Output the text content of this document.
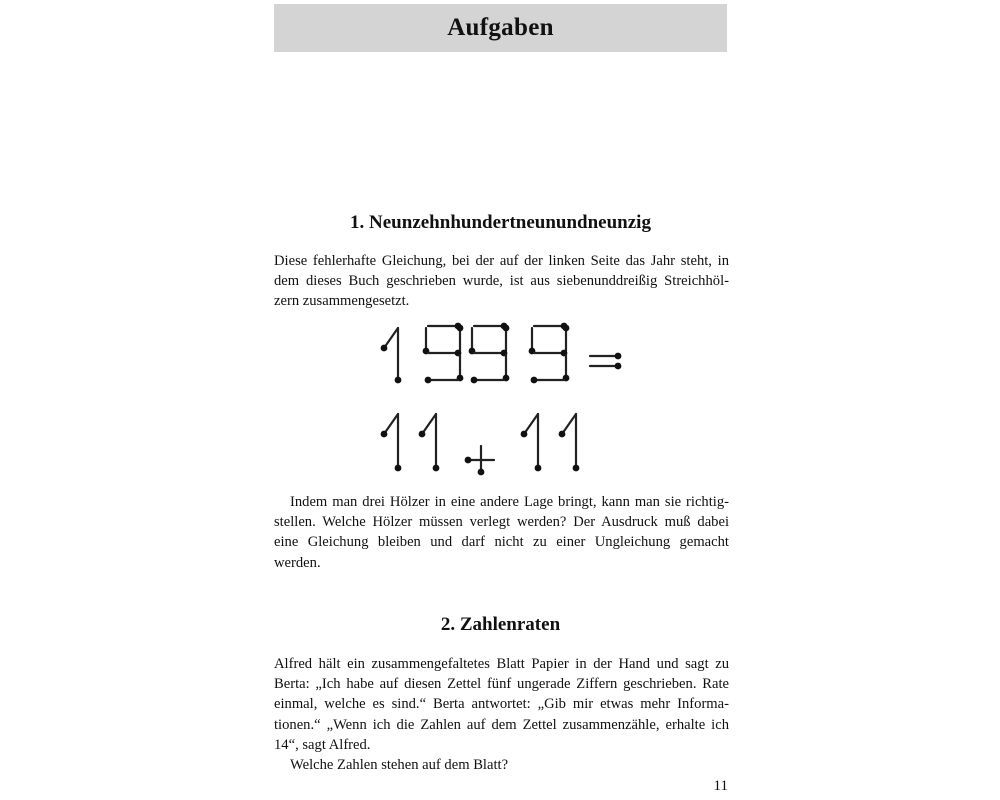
Aufgaben
1. Neunzehnhundertneunundneunzig

Diese fehlerhafte Gleichung, bei der auf der linken Seite das Jahr steht, in
dem dieses Buch geschrieben wurde, ist aus siebenunddreißig Streichhöl-
zern zusammengesetzt.

Indem man drei Hölzer in eine andere Lage bringt, kann man sie richtig-
stellen. Welche Hölzer müssen verlegt werden? Der Ausdruck muß dabei
eine Gleichung bleiben und darf nicht zu einer Ungleichung gemacht
werden.

2. Zahlenraten

Alfred hält ein zusammengefaltetes Blatt Papier in der Hand und sagt zu
Berta: „Ich habe auf diesen Zettel fünf ungerade Ziffern geschrieben. Rate
einmal, welche es sind.“ Berta antwortet: „Gib mir etwas mehr Informa-
tionen.“ „Wenn ich die Zahlen auf dem Zettel zusammenzähle, erhalte ich
14“, sagt Alfred.
Welche Zahlen stehen auf dem Blatt?

11
